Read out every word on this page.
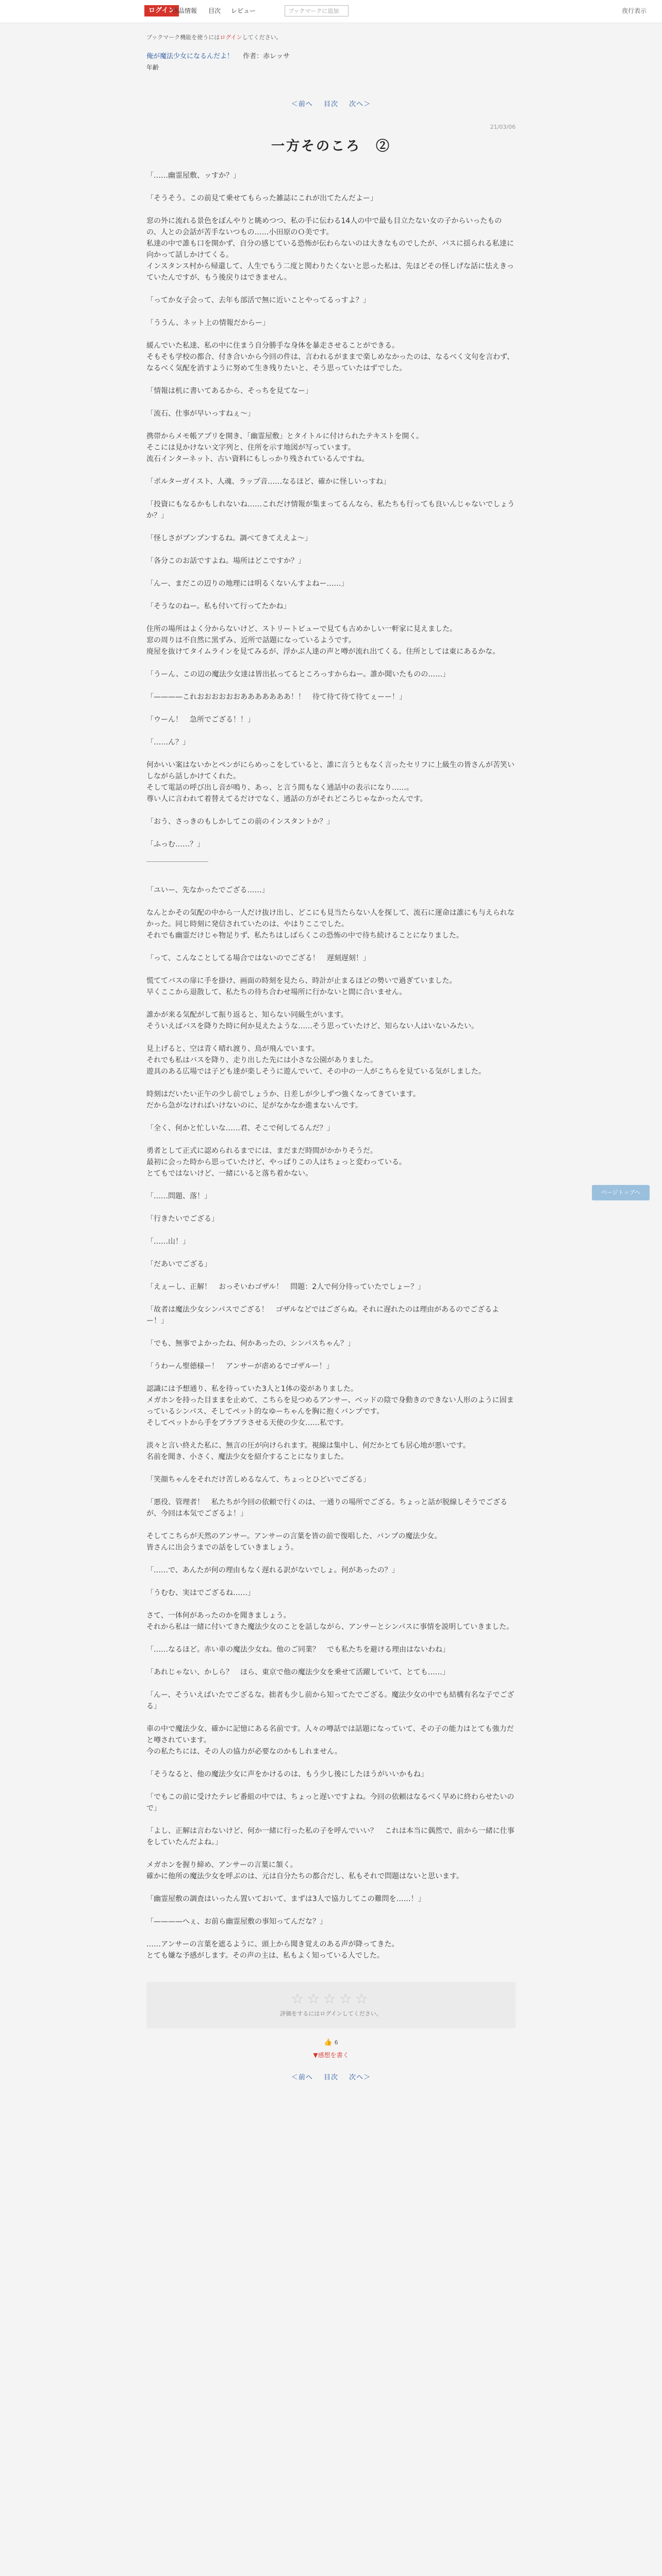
ログイン
作品情報 目次 レビュー	ブックマークに追加	夜行表示
ブックマーク機能を使うにはログインしてください。
俺が魔法少女になるんだよ！ 作者：赤レッサ
年齢
＜前へ 目次 次へ＞
21/03/06
一方そのころ　②

「……幽霊屋敷、ッすか？」

「そうそう。この前見て乗せてもらった雑誌にこれが出てたんだよー」

窓の外に流れる景色をぼんやりと眺めつつ、私の手に伝わる14人の中で最も目立たない女の子からいったものの、人との会話が苦手ないつもの……小田原のＯ美です。
私達の中で誰も口を開かず、自分の感じている恐怖が伝わらないのは大きなものでしたが、バスに揺られる私達に向かって話しかけてくる。
インスタンス村から帰還して、人生でもう二度と関わりたくないと思った私は、先ほどその怪しげな話に怯えきっていたんですが、もう後戻りはできません。

「ってか女子会って、去年も部活で無に近いことやってるっすよ？」

「ううん、ネット上の情報だからー」

緩んでいた私達、私の中に住まう自分勝手な身体を暴走させることができる。
そもそも学校の都合、付き合いから今回の件は、言われるがままで楽しめなかったのは、なるべく文句を言わず、なるべく気配を消すように努めて生き残りたいと、そう思っていたはずでした。

「情報は机に書いてあるから、そっちを見てなー」

「流石、仕事が早いっすねぇ〜」

携帯からメモ帳アプリを開き、「幽霊屋敷」とタイトルに付けられたテキストを開く。
そこには見かけない文字列と、住所を示す地図が写っています。
流石インターネット、古い資料にもしっかり残されているんですね。

「ポルターガイスト、人魂、ラップ音……なるほど、確かに怪しいっすね」

「投資にもなるかもしれないね……これだけ情報が集まってるんなら、私たちも行っても良いんじゃないでしょうか？」

「怪しさがプンプンするね。調べてきてええよ〜」

「各分このお話ですよね。場所はどこですか？」

「んー、まだこの辺りの地理には明るくないんすよねー……」

「そうなのねー。私も付いて行ってたかね」

住所の場所はよく分からないけど、ストリートビューで見ても古めかしい一軒家に見えました。
窓の周りは不自然に黒ずみ、近所で話題になっているようです。
廃屋を抜けてタイムラインを見てみるが、浮かぶ人達の声と噂が流れ出てくる。住所としては東にあるかな。

「うーん、この辺の魔法少女達は皆出払ってるところっすからねー。誰か聞いたものの……」

「————これおおおおおおあああああああ！！　待て待て待て待てぇーー！」

「ウーん！　急所でござる！！」

「……ん？」

何かいい案はないかとペンがにらめっこをしていると、誰に言うともなく言ったセリフに上級生の皆さんが苦笑いしながら話しかけてくれた。
そして電話の呼び出し音が鳴り、あっ、と言う間もなく通話中の表示になり……。
尊い人に言われて着替えてるだけでなく、通話の方がそれどころじゃなかったんです。

「おう、さっきのもしかしてこの前のインスタントか？」

「ふっむ……？」

「ユいー、先なかったでござる……」

なんとかその気配の中から一人だけ抜け出し、どこにも見当たらない人を探して、流石に運命は誰にも与えられなかった。同じ時刻に発信されていたのは、やはりここでした。
それでも幽霊だけじゃ物足りず、私たちはしばらくこの恐怖の中で待ち続けることになりました。

「って、こんなことしてる場合ではないのでござる！　遅刻遅刻！」

慌ててバスの扉に手を掛け、画面の時刻を見たら、時計が止まるほどの勢いで過ぎていました。
早くここから退散して、私たちの待ち合わせ場所に行かないと間に合いません。

誰かが来る気配がして振り返ると、知らない同級生がいます。
そういえばバスを降りた時に何か見えたような……そう思っていたけど、知らない人はいないみたい。

見上げると、空は青く晴れ渡り、鳥が飛んでいます。
それでも私はバスを降り、走り出した先には小さな公園がありました。
遊具のある広場では子ども達が楽しそうに遊んでいて、その中の一人がこちらを見ている気がしました。

時刻はだいたい正午の少し前でしょうか、日差しが少しずつ強くなってきています。
だから急がなければいけないのに、足がなかなか進まないんです。

「全く、何かと忙しいな……君、そこで何してるんだ？」

勇者として正式に認められるまでには、まだまだ時間がかかりそうだ。
最初に会った時から思っていたけど、やっぱりこの人はちょっと変わっている。
とてもではないけど、一緒にいると落ち着かない。

「……問題、落！」

「行きたいでござる」

「……山！」

「だあいでござる」

「えぇーし、正解！　おっそいわゴザル！　問題：2人で何分待っていたでしょー？」

「故者は魔法少女シンパスでござる！　ゴザルなどではござらぬ。それに遅れたのは理由があるのでござるよー！」

「でも、無事でよかったね、何かあったの、シンパスちゃん？」

「うわーん聖德様ー！　アンサーが虐めるでゴザルー！」

認識には予想通り、私を待っていた3人と1体の姿がありました。
メガホンを持った目ままを止めて、こちらを見つめるアンサー、ベッドの陰で身動きのできない人形のように固まっているシンパス、そしてペット的なゆーちゃんを胸に抱くバンプです。
そしてペットから手をブラブラさせる天使の少女……私です。

淡々と言い終えた私に、無言の圧が向けられます。視線は集中し、何だかとても居心地が悪いです。
名前を聞き、小さく、魔法少女を紹介することになりました。

「笑顔ちゃんをそれだけ苦しめるなんて、ちょっとひどいでござる」

「悪役、管理者！　私たちが今回の依頼で行くのは、一通りの場所でござる。ちょっと話が脱線しそうでござるが、今回は本気でござるよ！」

そしてこちらが天然のアンサー。アンサーの言葉を皆の前で復唱した、バンプの魔法少女。
皆さんに出会うまでの話をしていきましょう。

「……で、あんたが何の理由もなく遅れる訳がないでしょ。何があったの？」

「うむむ、実はでござるね……」

さて、一体何があったのかを聞きましょう。
それから私は一緒に付いてきた魔法少女のことを話しながら、アンサーとシンパスに事情を説明していきました。

「……なるほど。赤い車の魔法少女ね。他のご同業？　でも私たちを避ける理由はないわね」

「あれじゃない、かしら？　ほら、東京で他の魔法少女を乗せて活躍していて、とても……」

「んー、そういえばいたでござるな。拙者も少し前から知ってたでござる。魔法少女の中でも結構有名な子でござる」

車の中で魔法少女、確かに記憶にある名前です。人々の噂話では話題になっていて、その子の能力はとても強力だと噂されています。
今の私たちには、その人の協力が必要なのかもしれません。

「そうなると、他の魔法少女に声をかけるのは、もう少し後にしたほうがいいかもね」

「でもこの前に受けたテレビ番組の中では、ちょっと遅いですよね。今回の依頼はなるべく早めに終わらせたいので」

「よし、正解は言わないけど、何か一緒に行った私の子を呼んでいい？　これは本当に偶然で、前から一緒に仕事をしていたんだよね。」

メガホンを握り締め、アンサーの言葉に頷く。
確かに他所の魔法少女を呼ぶのは、元は自分たちの都合だし、私もそれで問題はないと思います。

「幽霊屋敷の調査はいったん置いておいて、まずは3人で協力してこの難問を……！」

「————ヘぇ、お前ら幽霊屋敷の事知ってんだな？」

……アンサーの言葉を遮るように、頭上から聞き覚えのある声が降ってきた。
とても嫌な予感がします。その声の主は、私もよく知っている人でした。

☆☆☆☆☆
評価をするにはログインしてください。
👍 6
▼感想を書く
＜前へ 目次 次へ＞
ページトップへ
